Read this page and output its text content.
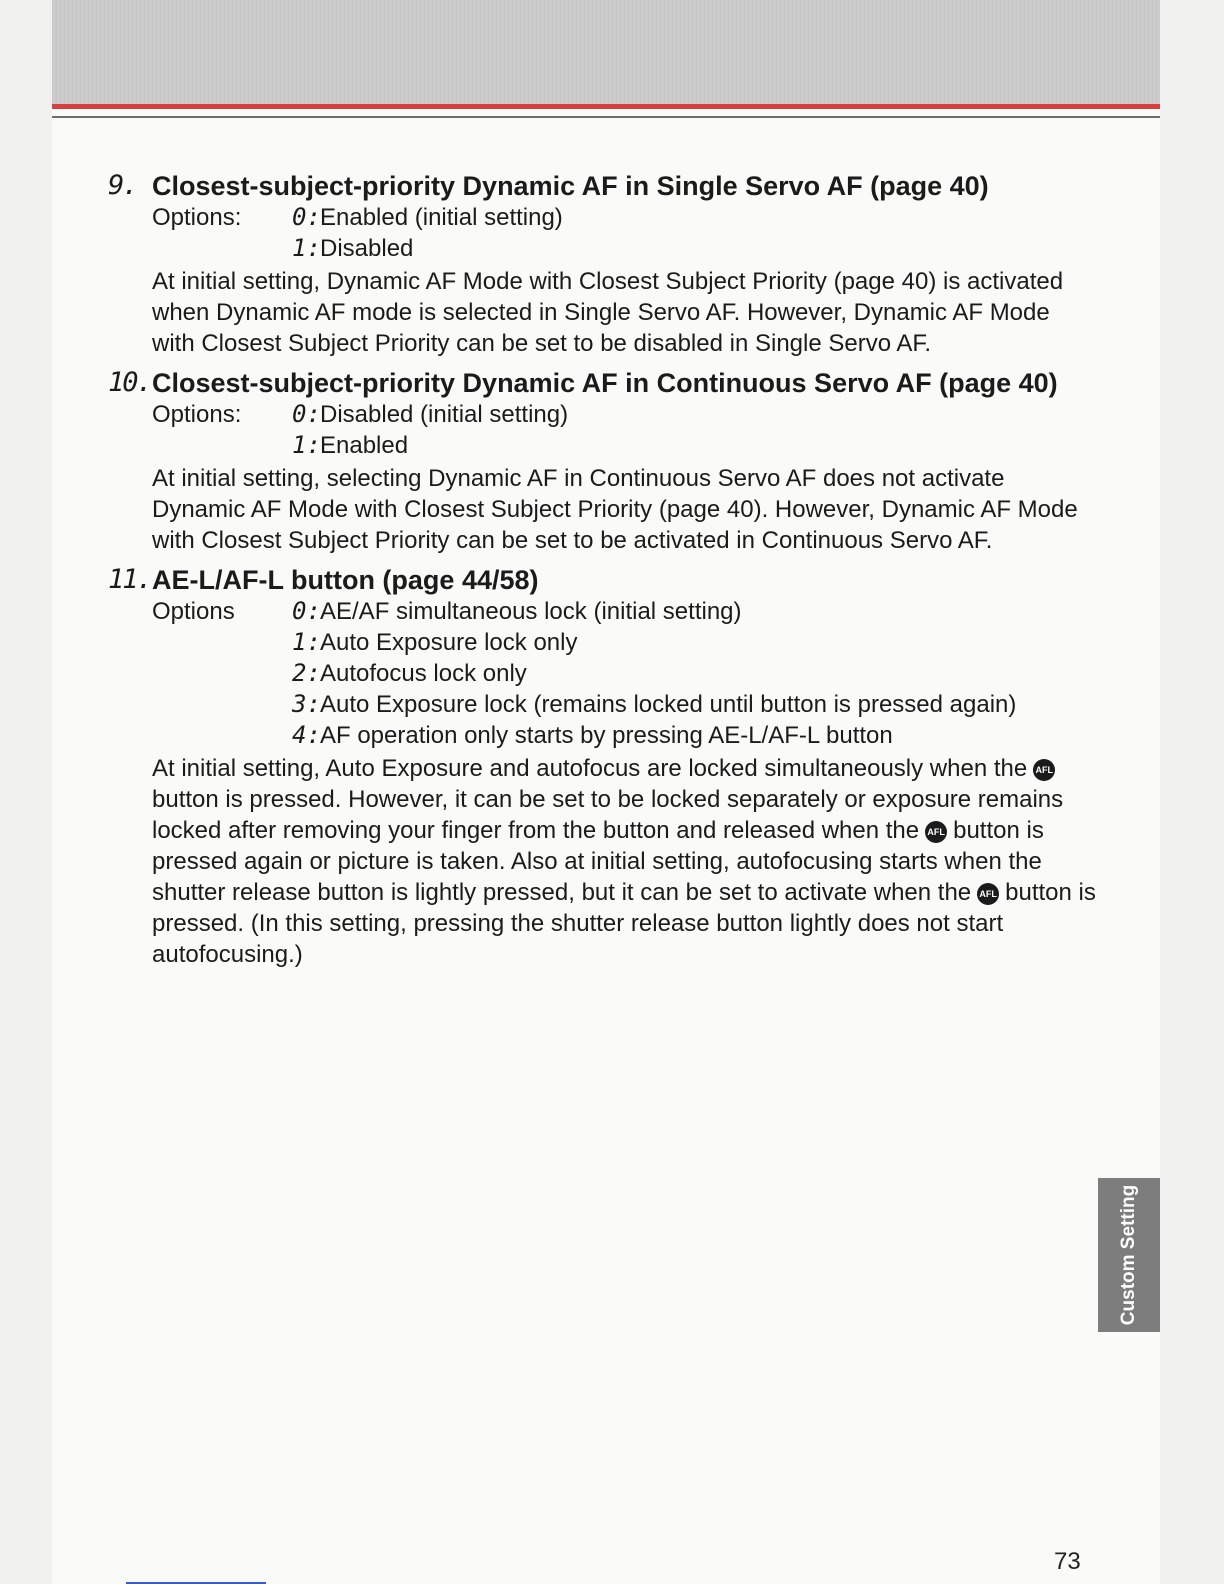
9. Closest-subject-priority Dynamic AF in Single Servo AF (page 40)
Options:	0: Enabled (initial setting)
1: Disabled
At initial setting, Dynamic AF Mode with Closest Subject Priority (page 40) is activated when Dynamic AF mode is selected in Single Servo AF. However, Dynamic AF Mode with Closest Subject Priority can be set to be disabled in Single Servo AF.
10. Closest-subject-priority Dynamic AF in Continuous Servo AF (page 40)
Options:	0: Disabled (initial setting)
1: Enabled
At initial setting, selecting Dynamic AF in Continuous Servo AF does not activate Dynamic AF Mode with Closest Subject Priority (page 40). However, Dynamic AF Mode with Closest Subject Priority can be set to be activated in Continuous Servo AF.
11. AE-L/AF-L button (page 44/58)
Options	0: AE/AF simultaneous lock (initial setting)
1: Auto Exposure lock only
2: Autofocus lock only
3: Auto Exposure lock (remains locked until button is pressed again)
4: AF operation only starts by pressing AE-L/AF-L button
At initial setting, Auto Exposure and autofocus are locked simultaneously when the AFLbutton is pressed. However, it can be set to be locked separately or exposure remains locked after removing your finger from the button and released when the AFL button is pressed again or picture is taken. Also at initial setting, autofocusing starts when the shutter release button is lightly pressed, but it can be set to activate when the AFL button is pressed. (In this setting, pressing the shutter release button lightly does not start autofocusing.)
Custom Setting
73
